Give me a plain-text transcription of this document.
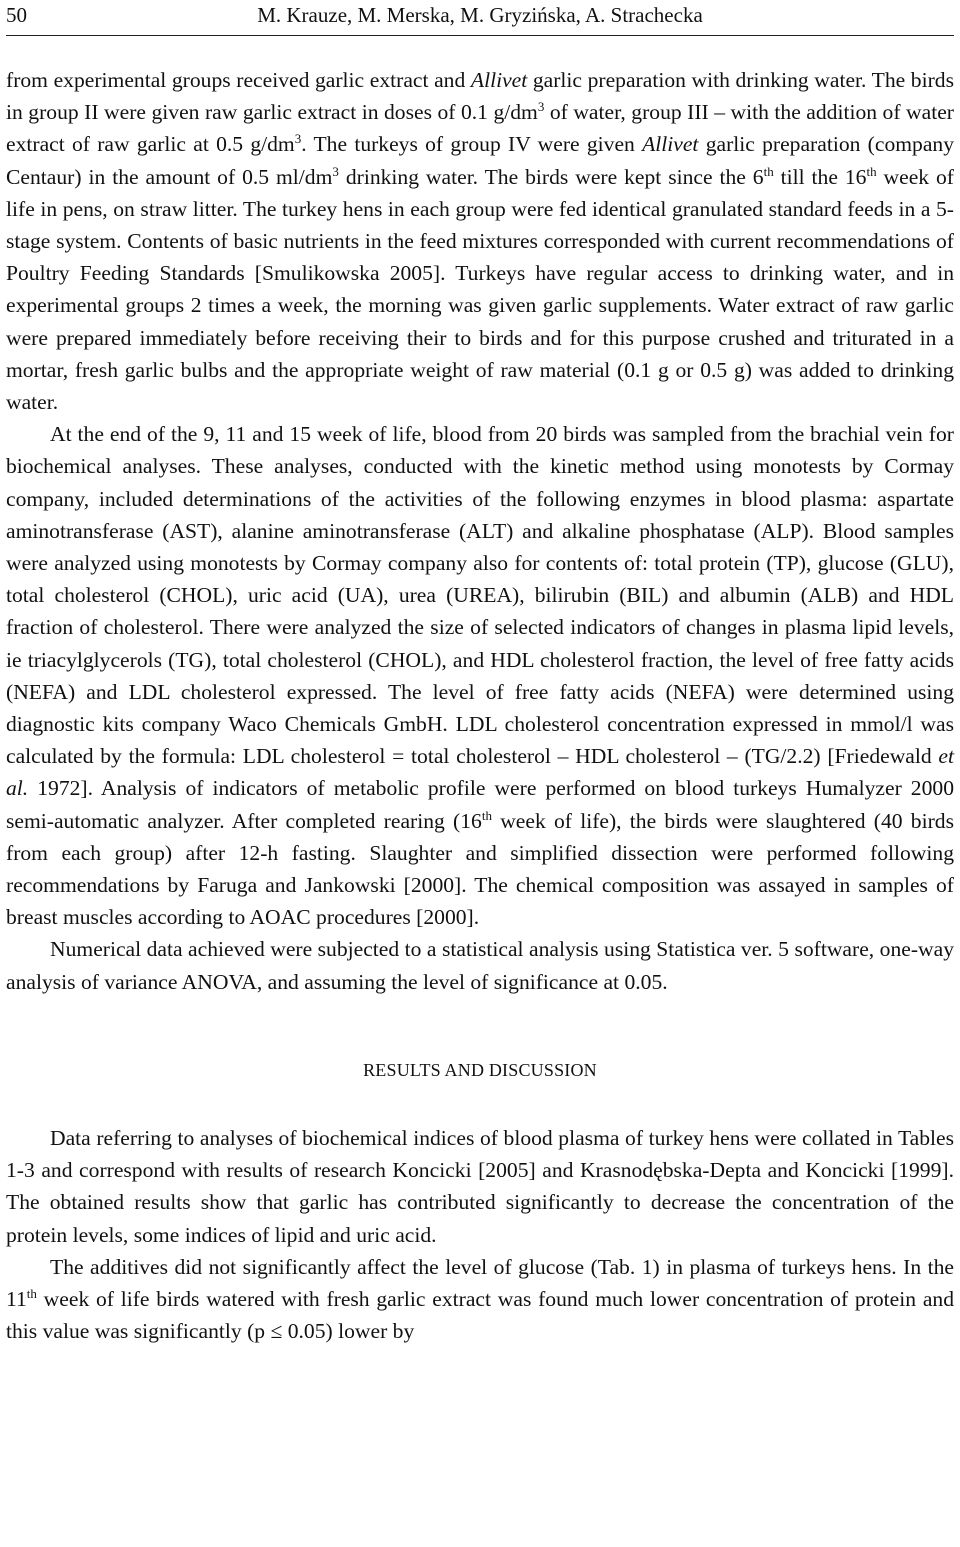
50	M. Krauze, M. Merska, M. Gryzińska, A. Strachecka

from experimental groups received garlic extract and Allivet garlic preparation with drinking water. The birds in group II were given raw garlic extract in doses of 0.1 $g/dm^3$ of water, group III – with the addition of water extract of raw garlic at 0.5 $g/dm^3$. The turkeys of group IV were given Allivet garlic preparation (company Centaur) in the amount of 0.5 $ml/dm^3$ drinking water. The birds were kept since the 6th till the 16th week of life in pens, on straw litter. The turkey hens in each group were fed identical granulated standard feeds in a 5-stage system. Contents of basic nutrients in the feed mixtures corresponded with current recommendations of Poultry Feeding Standards [Smulikowska 2005]. Turkeys have regular access to drinking water, and in experimental groups 2 times a week, the morning was given garlic supplements. Water extract of raw garlic were prepared immediately before receiving their to birds and for this purpose crushed and triturated in a mortar, fresh garlic bulbs and the appropriate weight of raw material (0.1 g or 0.5 g) was added to drinking water.

At the end of the 9, 11 and 15 week of life, blood from 20 birds was sampled from the brachial vein for biochemical analyses. These analyses, conducted with the kinetic method using monotests by Cormay company, included determinations of the activities of the following enzymes in blood plasma: aspartate aminotransferase (AST), alanine aminotransferase (ALT) and alkaline phosphatase (ALP). Blood samples were analyzed using monotests by Cormay company also for contents of: total protein (TP), glucose (GLU), total cholesterol (CHOL), uric acid (UA), urea (UREA), bilirubin (BIL) and albumin (ALB) and HDL fraction of cholesterol. There were analyzed the size of selected indicators of changes in plasma lipid levels, ie triacylglycerols (TG), total cholesterol (CHOL), and HDL cholesterol fraction, the level of free fatty acids (NEFA) and LDL cholesterol expressed. The level of free fatty acids (NEFA) were determined using diagnostic kits company Waco Chemicals GmbH. LDL cholesterol concentration expressed in mmol/l was calculated by the formula: LDL cholesterol = total cholesterol – HDL cholesterol – (TG/2.2) [Friedewald et al. 1972]. Analysis of indicators of metabolic profile were performed on blood turkeys Humalyzer 2000 semi-automatic analyzer. After completed rearing (16th week of life), the birds were slaughtered (40 birds from each group) after 12-h fasting. Slaughter and simplified dissection were performed following recommendations by Faruga and Jankowski [2000]. The chemical composition was assayed in samples of breast muscles according to AOAC procedures [2000].

Numerical data achieved were subjected to a statistical analysis using Statistica ver. 5 software, one-way analysis of variance ANOVA, and assuming the level of significance at 0.05.

RESULTS AND DISCUSSION

Data referring to analyses of biochemical indices of blood plasma of turkey hens were collated in Tables 1-3 and correspond with results of research Koncicki [2005] and Krasnodębska-Depta and Koncicki [1999]. The obtained results show that garlic has contributed significantly to decrease the concentration of the protein levels, some indices of lipid and uric acid.

The additives did not significantly affect the level of glucose (Tab. 1) in plasma of turkeys hens. In the 11th week of life birds watered with fresh garlic extract was found much lower concentration of protein and this value was significantly (p ≤ 0.05) lower by
